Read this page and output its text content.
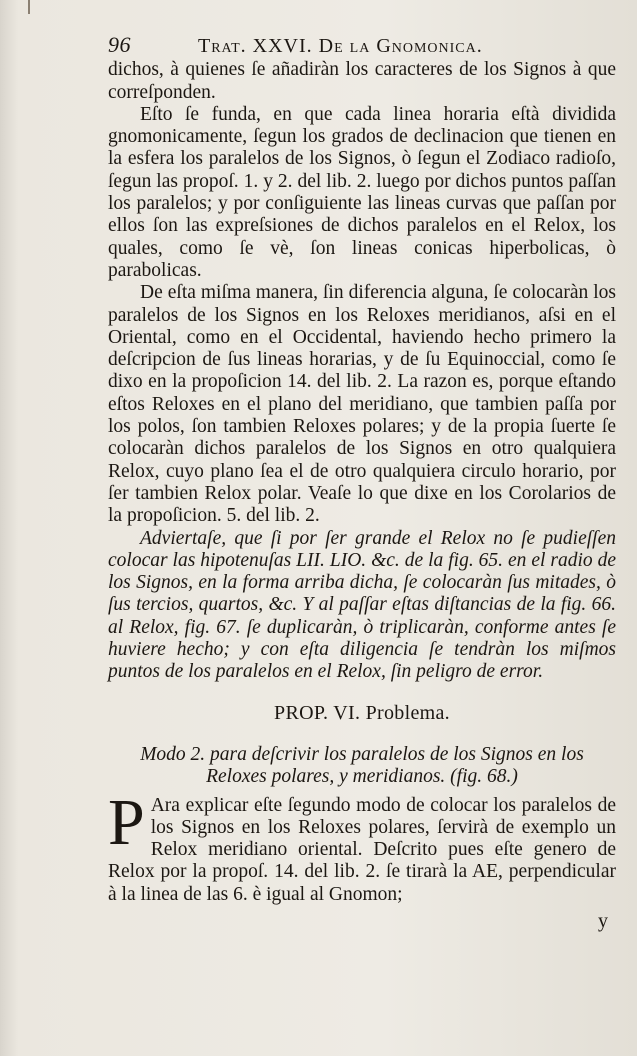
96	Trat. XXVI. De la Gnomonica.

dichos, à quienes ſe añadiràn los caracteres de los Signos à que correſponden.

Eſto ſe funda, en que cada linea horaria eſtà dividida gnomonicamente, ſegun los grados de declinacion que tienen en la esfera los paralelos de los Signos, ò ſegun el Zodiaco radioſo, ſegun las propoſ. 1. y 2. del lib. 2. luego por dichos puntos paſſan los paralelos; y por conſiguiente las lineas curvas que paſſan por ellos ſon las expreſsiones de dichos paralelos en el Relox, los quales, como ſe vè, ſon lineas conicas hiperbolicas, ò parabolicas.

De eſta miſma manera, ſin diferencia alguna, ſe colocaràn los paralelos de los Signos en los Reloxes meridianos, aſsi en el Oriental, como en el Occidental, haviendo hecho primero la deſcripcion de ſus lineas horarias, y de ſu Equinoccial, como ſe dixo en la propoſicion 14. del lib. 2. La razon es, porque eſtando eſtos Reloxes en el plano del meridiano, que tambien paſſa por los polos, ſon tambien Reloxes polares; y de la propia ſuerte ſe colocaràn dichos paralelos de los Signos en otro qualquiera Relox, cuyo plano ſea el de otro qualquiera circulo horario, por ſer tambien Relox polar. Veaſe lo que dixe en los Corolarios de la propoſicion. 5. del lib. 2.

Adviertaſe, que ſi por ſer grande el Relox no ſe pudieſſen colocar las hipotenuſas LII. LIO. &c. de la fig. 65. en el radio de los Signos, en la forma arriba dicha, ſe colocaràn ſus mitades, ò ſus tercios, quartos, &c. Y al paſſar eſtas diſtancias de la fig. 66. al Relox, fig. 67. ſe duplicaràn, ò triplicaràn, conforme antes ſe huviere hecho; y con eſta diligencia ſe tendràn los miſmos puntos de los paralelos en el Relox, ſin peligro de error.

PROP. VI. Problema.
Modo 2. para deſcrivir los paralelos de los Signos en los Reloxes polares, y meridianos. (fig. 68.)

P Ara explicar eſte ſegundo modo de colocar los paralelos de los Signos en los Reloxes polares, ſervirà de exemplo un Relox meridiano oriental. Deſcrito pues eſte genero de Relox por la propoſ. 14. del lib. 2. ſe tirarà la AE, perpendicular à la linea de las 6. è igual al Gnomon;

y
